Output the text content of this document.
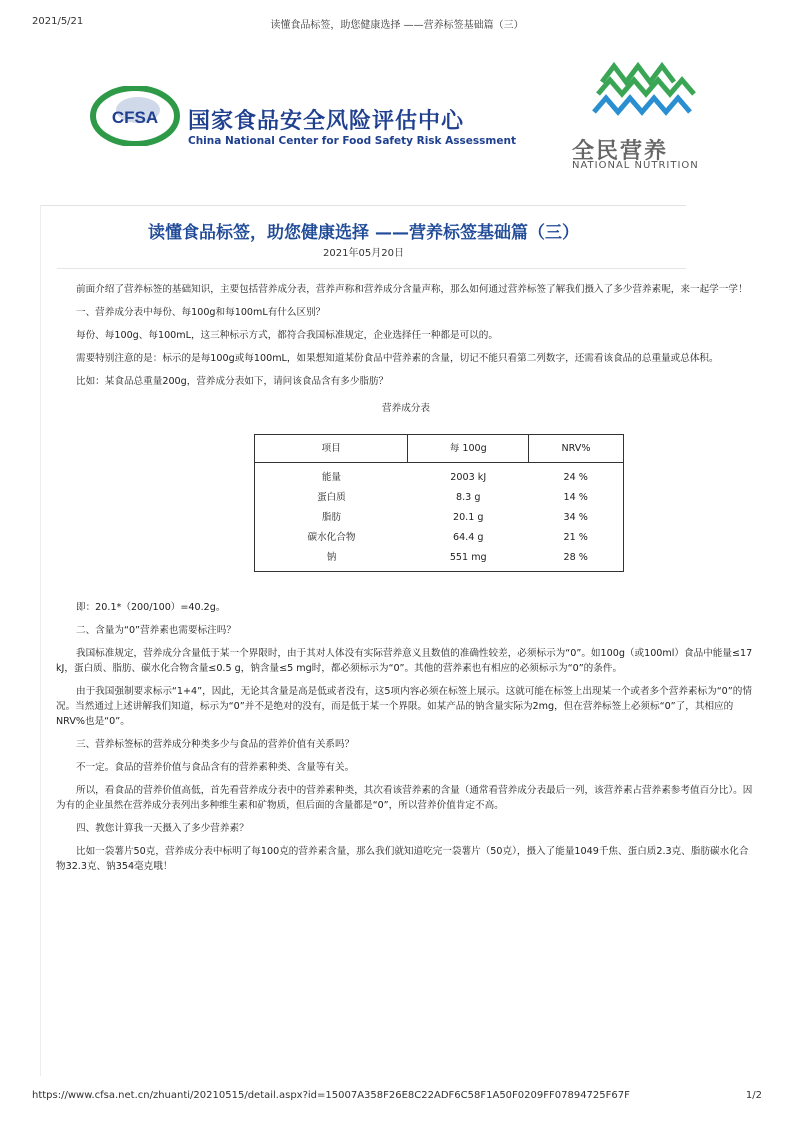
2021/5/21	读懂食品标签，助您健康选择 ——营养标签基础篇（三）
CFSA 国家食品安全风险评估中心
China National Center for Food Safety Risk Assessment	全民营养
NATIONAL NUTRITION
读懂食品标签，助您健康选择 ——营养标签基础篇（三）
2021年05月20日

前面介绍了营养标签的基础知识，主要包括营养成分表，营养声称和营养成分含量声称，那么如何通过营养标签了解我们摄入了多少营养素呢，来一起学一学！

一、营养成分表中每份、每100g和每100mL有什么区别？

每份、每100g、每100mL，这三种标示方式，都符合我国标准规定，企业选择任一种都是可以的。

需要特别注意的是：标示的是每100g或每100mL，如果想知道某份食品中营养素的含量，切记不能只看第二列数字，还需看该食品的总重量或总体积。

比如：某食品总重量200g，营养成分表如下，请问该食品含有多少脂肪？

营养成分表

项目	每 100g	NRV%
能量	2003 kJ	24 %
蛋白质	8.3 g	14 %
脂肪	20.1 g	34 %
碳水化合物	64.4 g	21 %
钠	551 mg	28 %

即：20.1*（200/100）=40.2g。

二、含量为“0”营养素也需要标注吗？

我国标准规定，营养成分含量低于某一个界限时，由于其对人体没有实际营养意义且数值的准确性较差，必须标示为“0”。如100g（或100ml）食品中能量≤17 kJ，蛋白质、脂肪、碳水化合物含量≤0.5 g，钠含量≤5 mg时，都必须标示为“0”。其他的营养素也有相应的必须标示为“0”的条件。

由于我国强制要求标示“1+4”，因此，无论其含量是高是低或者没有，这5项内容必须在标签上展示。这就可能在标签上出现某一个或者多个营养素标为“0”的情况。当然通过上述讲解我们知道，标示为“0”并不是绝对的没有，而是低于某一个界限。如某产品的钠含量实际为2mg，但在营养标签上必须标“0”了，其相应的NRV%也是“0”。

三、营养标签标的营养成分种类多少与食品的营养价值有关系吗？

不一定。食品的营养价值与食品含有的营养素种类、含量等有关。

所以，看食品的营养价值高低，首先看营养成分表中的营养素种类，其次看该营养素的含量（通常看营养成分表最后一列，该营养素占营养素参考值百分比）。因为有的企业虽然在营养成分表列出多种维生素和矿物质，但后面的含量都是“0”，所以营养价值肯定不高。

四、教您计算我一天摄入了多少营养素？

比如一袋薯片50克，营养成分表中标明了每100克的营养素含量，那么我们就知道吃完一袋薯片（50克），摄入了能量1049千焦、蛋白质2.3克、脂肪碳水化合物32.3克、钠354毫克哦！

https://www.cfsa.net.cn/zhuanti/20210515/detail.aspx?id=15007A358F26E8C22ADF6C58F1A50F0209FF07894725F67F	1/2
